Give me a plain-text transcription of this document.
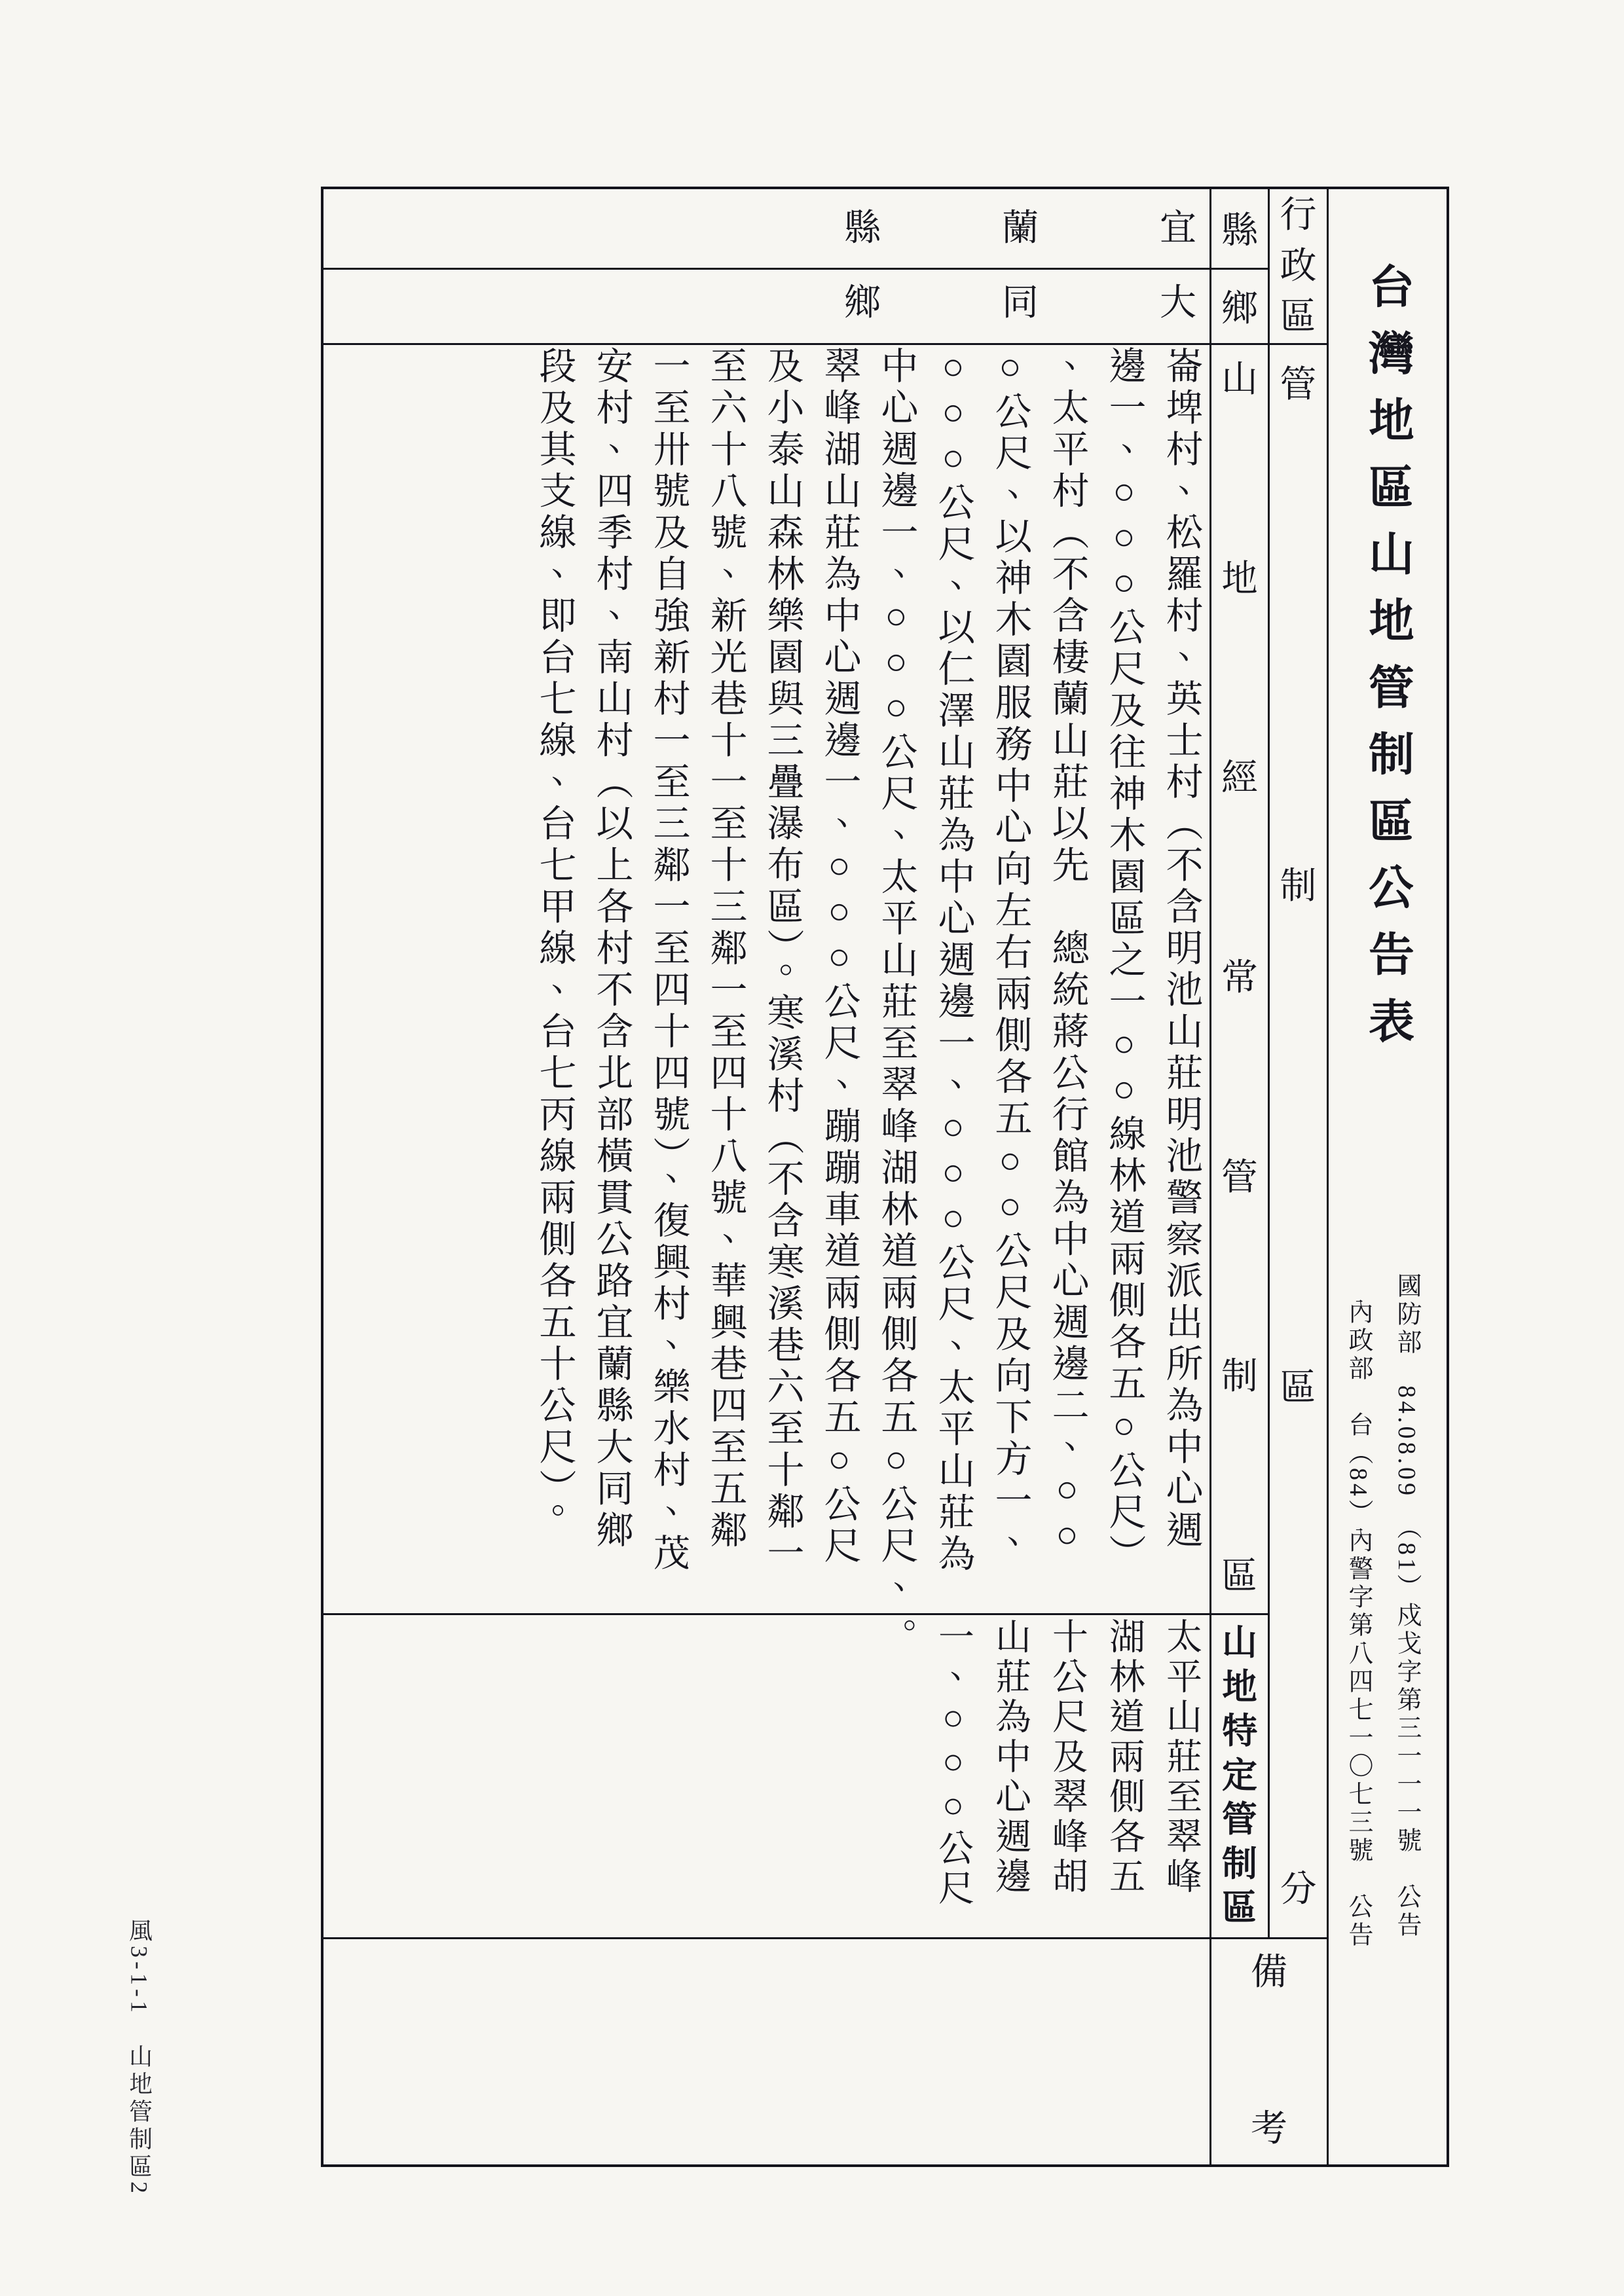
行
政
區
管
制
區
分
縣
鄉
山
地
經
常
管
制
區
山
地
特
定
管
制
區
備
考
宜
蘭
縣
大
同
鄉
崙埤村、松羅村、英士村（不含明池山莊明池警察派出所為中心週
邊一、○○○公尺及往神木園區之一○○線林道兩側各五○公尺）
、太平村（不含棲蘭山莊以先　總統蔣公行館為中心週邊二、○○
○公尺、以神木園服務中心向左右兩側各五○○公尺及向下方一、
○○○公尺、以仁澤山莊為中心週邊一、○○○公尺、太平山莊為
中心週邊一、○○○公尺、太平山莊至翠峰湖林道兩側各五○公尺、
翠峰湖山莊為中心週邊一、○○○公尺、蹦蹦車道兩側各五○公尺
及小泰山森林樂園與三疊瀑布區）。寒溪村（不含寒溪巷六至十鄰一
至六十八號、新光巷十一至十三鄰一至四十八號、華興巷四至五鄰
一至卅號及自強新村一至三鄰一至四十四號）、復興村、樂水村、茂
安村、四季村、南山村（以上各村不含北部橫貫公路宜蘭縣大同鄉
段及其支線、即台七線、台七甲線、台七丙線兩側各五十公尺）。
太平山莊至翠峰
湖林道兩側各五
十公尺及翠峰胡
山莊為中心週邊
一、○○○公尺
。
台灣地區山地管制區公告表
國防部　84.08.09　（81）戍戈字第三一一一號　公告
內政部　台（84）內警字第八四七一〇七三號　公告
風3-1-1　山地管制區2
